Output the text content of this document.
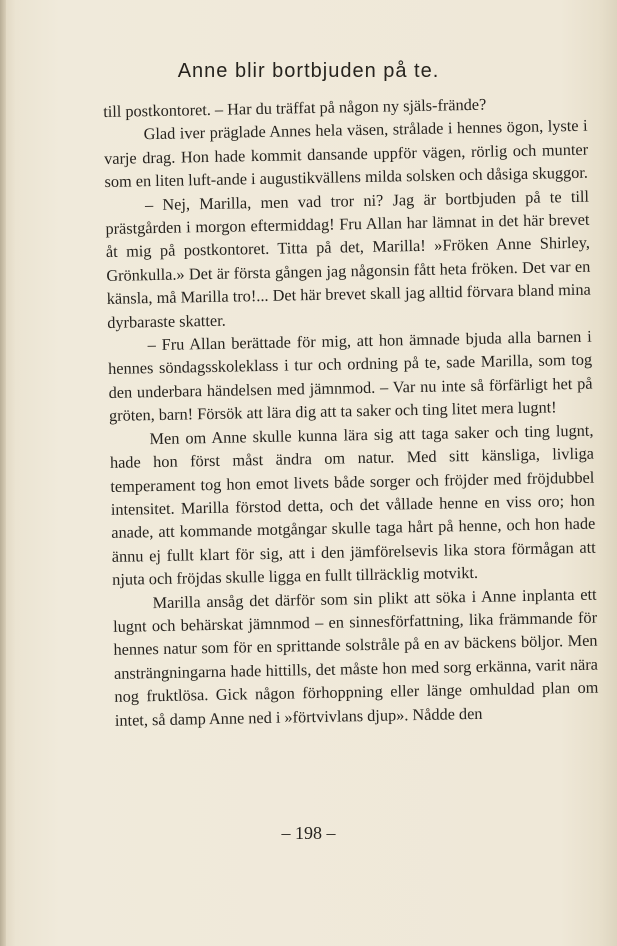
Anne blir bortbjuden på te.

till postkontoret. – Har du träffat på någon ny själs-frände?

Glad iver präglade Annes hela väsen, strålade i hennes ögon, lyste i varje drag. Hon hade kommit dansande uppför vägen, rörlig och munter som en liten luft-ande i augustikvällens milda solsken och dåsiga skuggor.

– Nej, Marilla, men vad tror ni? Jag är bortbjuden på te till prästgården i morgon eftermiddag! Fru Allan har lämnat in det här brevet åt mig på postkontoret. Titta på det, Marilla! »Fröken Anne Shirley, Grönkulla.» Det är första gången jag någonsin fått heta fröken. Det var en känsla, må Marilla tro!... Det här brevet skall jag alltid förvara bland mina dyrbaraste skatter.

– Fru Allan berättade för mig, att hon ämnade bjuda alla barnen i hennes söndagsskoleklass i tur och ordning på te, sade Marilla, som tog den underbara händelsen med jämnmod. – Var nu inte så förfärligt het på gröten, barn! Försök att lära dig att ta saker och ting litet mera lugnt!

Men om Anne skulle kunna lära sig att taga saker och ting lugnt, hade hon först måst ändra om natur. Med sitt känsliga, livliga temperament tog hon emot livets både sorger och fröjder med fröjdubbel intensitet. Marilla förstod detta, och det vållade henne en viss oro; hon anade, att kommande motgångar skulle taga hårt på henne, och hon hade ännu ej fullt klart för sig, att i den jämförelsevis lika stora förmågan att njuta och fröjdas skulle ligga en fullt tillräcklig motvikt.

Marilla ansåg det därför som sin plikt att söka i Anne inplanta ett lugnt och behärskat jämnmod – en sinnesförfattning, lika främmande för hennes natur som för en sprittande solstråle på en av bäckens böljor. Men ansträngningarna hade hittills, det måste hon med sorg erkänna, varit nära nog fruktlösa. Gick någon förhoppning eller länge omhuldad plan om intet, så damp Anne ned i »förtvivlans djup». Nådde den

– 198 –
